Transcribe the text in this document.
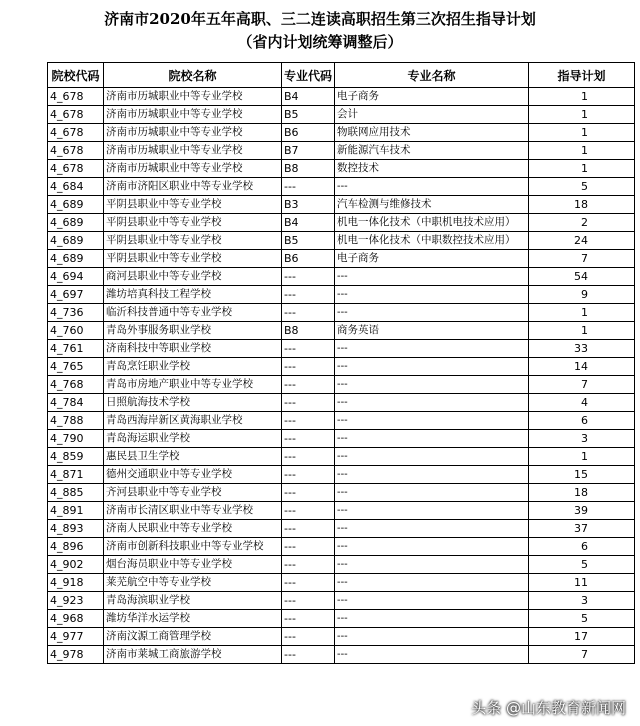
济南市2020年五年高职、三二连读高职招生第三次招生指导计划
（省内计划统筹调整后）
院校代码	院校名称	专业代码	专业名称	指导计划
4_678	济南市历城职业中等专业学校	B4	电子商务	1
4_678	济南市历城职业中等专业学校	B5	会计	1
4_678	济南市历城职业中等专业学校	B6	物联网应用技术	1
4_678	济南市历城职业中等专业学校	B7	新能源汽车技术	1
4_678	济南市历城职业中等专业学校	B8	数控技术	1
4_684	济南市济阳区职业中等专业学校	---	---	5
4_689	平阴县职业中等专业学校	B3	汽车检测与维修技术	18
4_689	平阴县职业中等专业学校	B4	机电一体化技术（中职机电技术应用）	2
4_689	平阴县职业中等专业学校	B5	机电一体化技术（中职数控技术应用）	24
4_689	平阴县职业中等专业学校	B6	电子商务	7
4_694	商河县职业中等专业学校	---	---	54
4_697	潍坊培真科技工程学校	---	---	9
4_736	临沂科技普通中等专业学校	---	---	1
4_760	青岛外事服务职业学校	B8	商务英语	1
4_761	济南科技中等职业学校	---	---	33
4_765	青岛烹饪职业学校	---	---	14
4_768	青岛市房地产职业中等专业学校	---	---	7
4_784	日照航海技术学校	---	---	4
4_788	青岛西海岸新区黄海职业学校	---	---	6
4_790	青岛海运职业学校	---	---	3
4_859	惠民县卫生学校	---	---	1
4_871	德州交通职业中等专业学校	---	---	15
4_885	齐河县职业中等专业学校	---	---	18
4_891	济南市长清区职业中等专业学校	---	---	39
4_893	济南人民职业中等专业学校	---	---	37
4_896	济南市创新科技职业中等专业学校	---	---	6
4_902	烟台海员职业中等专业学校	---	---	5
4_918	莱芜航空中等专业学校	---	---	11
4_923	青岛海滨职业学校	---	---	3
4_968	潍坊华洋水运学校	---	---	5
4_977	济南汶源工商管理学校	---	---	17
4_978	济南市莱城工商旅游学校	---	---	7
头条 @山东教育新闻网
